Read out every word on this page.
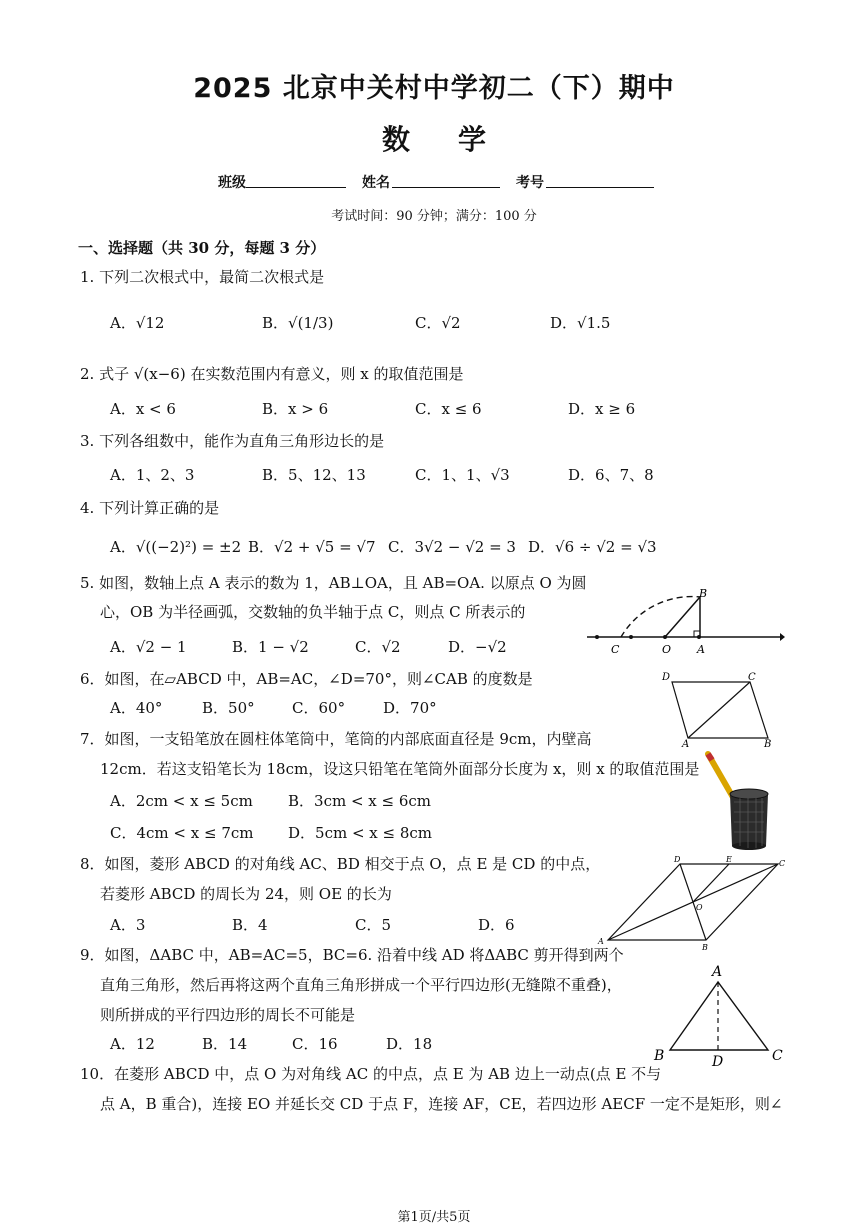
2025 北京中关村中学初二（下）期中
数学
班级	姓名	考号
考试时间：90 分钟；满分：100 分
一、选择题（共 30 分，每题 3 分）
1. 下列二次根式中，最简二次根式是
A．√12	B．√(1/3)	C．√2	D．√1.5
2. 式子 √(x−6) 在实数范围内有意义，则 x 的取值范围是
A．x < 6	B．x > 6	C．x ≤ 6	D．x ≥ 6
3. 下列各组数中，能作为直角三角形边长的是
A．1、2、3	B．5、12、13	C．1、1、√3	D．6、7、8
4. 下列计算正确的是
A．√((−2)²) = ±2 B．√2 + √5 = √7 C．3√2 − √2 = 3 D．√6 ÷ √2 = √3
5. 如图，数轴上点 A 表示的数为 1，AB⊥OA，且 AB=OA. 以原点 O 为圆
心，OB 为半径画弧，交数轴的负半轴于点 C，则点 C 所表示的
A．√2 − 1	B．1 − √2	C．√2	D．−√2
B
C	O A
6．如图，在▱ABCD 中，AB=AC，∠D=70°，则∠CAB 的度数是
A．40°	B．50° C．60°	D．70°
D	C
A	B
7．如图，一支铅笔放在圆柱体笔筒中，笔筒的内部底面直径是 9cm，内壁高
12cm．若这支铅笔长为 18cm，设这只铅笔在笔筒外面部分长度为 x，则 x 的取值范围是
A．2cm < x ≤ 5cm B．3cm < x ≤ 6cm
C．4cm < x ≤ 7cm D．5cm < x ≤ 8cm
8．如图，菱形 ABCD 的对角线 AC、BD 相交于点 O，点 E 是 CD 的中点，
若菱形 ABCD 的周长为 24，则 OE 的长为
A．3	B．4	C．5	D．6
D	E	C
O
A
B
9．如图，ΔABC 中，AB=AC=5，BC=6. 沿着中线 AD 将ΔABC 剪开得到两个
直角三角形，然后再将这两个直角三角形拼成一个平行四边形(无缝隙不重叠)，
则所拼成的平行四边形的周长不可能是
A．12	B．14	C．16	D．18
A
B	D	C
10．在菱形 ABCD 中，点 O 为对角线 AC 的中点，点 E 为 AB 边上一动点(点 E 不与
点 A，B 重合)，连接 EO 并延长交 CD 于点 F，连接 AF，CE，若四边形 AECF 一定不是矩形，则∠
第1页/共5页
